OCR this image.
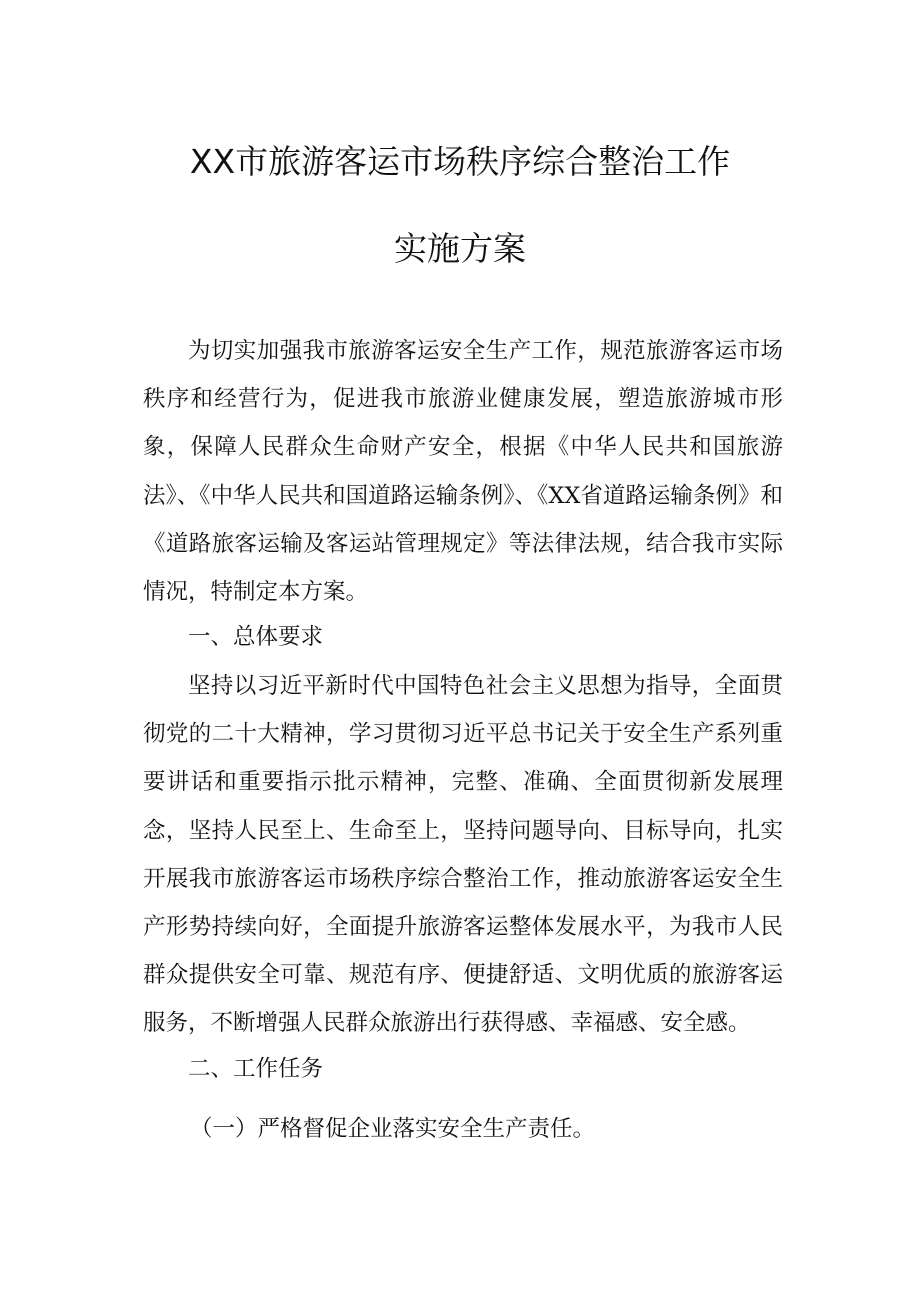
XX市旅游客运市场秩序综合整治工作
实施方案

为切实加强我市旅游客运安全生产工作，规范旅游客运市场秩序和经营行为，促进我市旅游业健康发展，塑造旅游城市形象，保障人民群众生命财产安全，根据《中华人民共和国旅游法》、《中华人民共和国道路运输条例》、《XX省道路运输条例》和《道路旅客运输及客运站管理规定》等法律法规，结合我市实际情况，特制定本方案。

一、总体要求

坚持以习近平新时代中国特色社会主义思想为指导，全面贯彻党的二十大精神，学习贯彻习近平总书记关于安全生产系列重要讲话和重要指示批示精神，完整、准确、全面贯彻新发展理念，坚持人民至上、生命至上，坚持问题导向、目标导向，扎实开展我市旅游客运市场秩序综合整治工作，推动旅游客运安全生产形势持续向好，全面提升旅游客运整体发展水平，为我市人民群众提供安全可靠、规范有序、便捷舒适、文明优质的旅游客运服务，不断增强人民群众旅游出行获得感、幸福感、安全感。

二、工作任务
（一）严格督促企业落实安全生产责任。
